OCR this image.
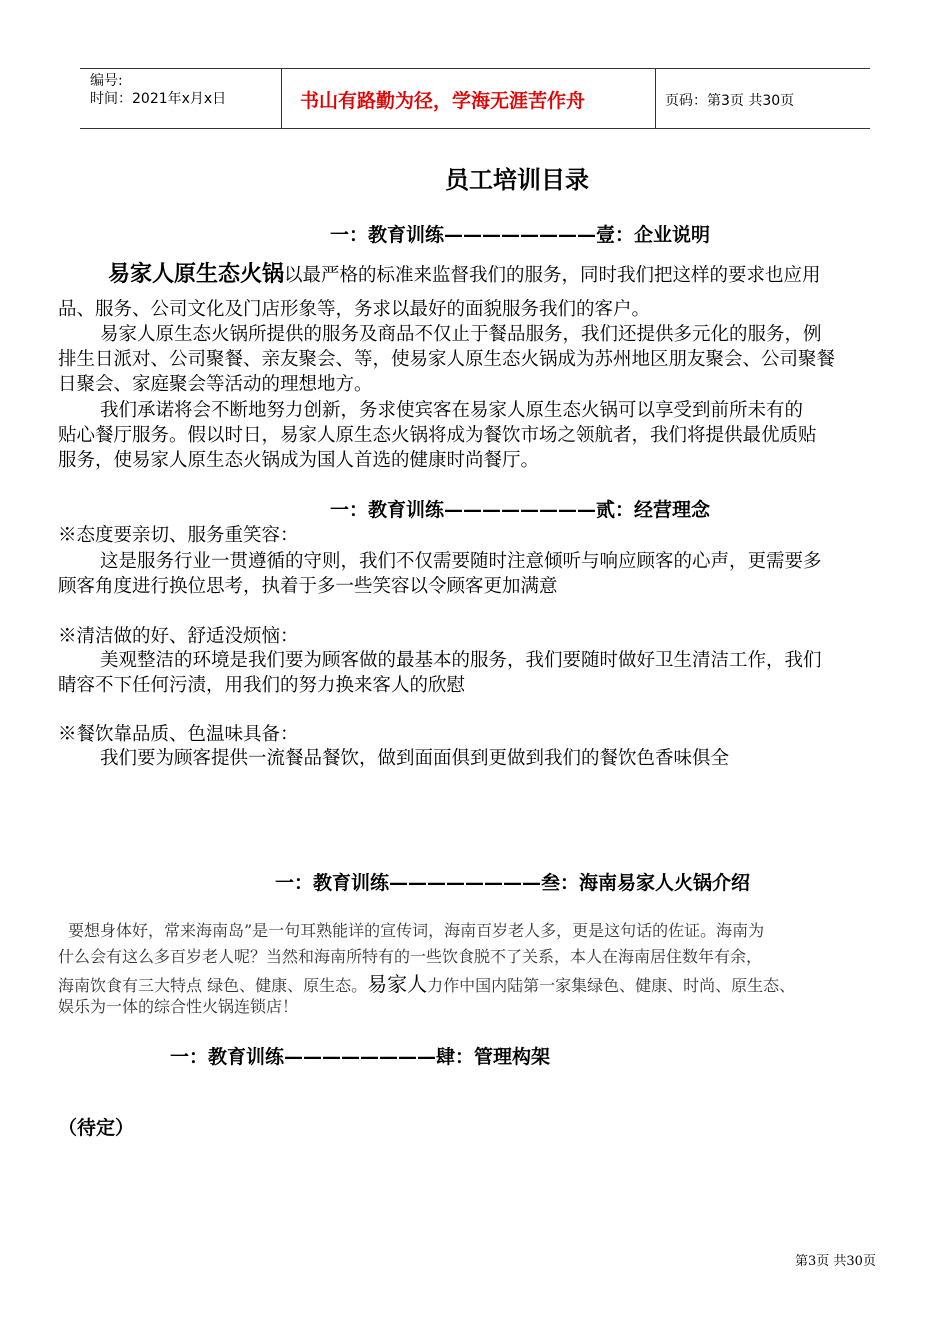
编号:
时间：2021年x月x日	书山有路勤为径，学海无涯苦作舟	页码：第3页 共30页
员工培训目录
一：教育训练————————壹：企业说明
易家人原生态火锅以最严格的标准来监督我们的服务，同时我们把这样的要求也应用
品、服务、公司文化及门店形象等，务求以最好的面貌服务我们的客户。
易家人原生态火锅所提供的服务及商品不仅止于餐品服务，我们还提供多元化的服务，例
排生日派对、公司聚餐、亲友聚会、等，使易家人原生态火锅成为苏州地区朋友聚会、公司聚餐
日聚会、家庭聚会等活动的理想地方。
我们承诺将会不断地努力创新，务求使宾客在易家人原生态火锅可以享受到前所未有的
贴心餐厅服务。假以时日，易家人原生态火锅将成为餐饮市场之领航者，我们将提供最优质贴
服务，使易家人原生态火锅成为国人首选的健康时尚餐厅。
一：教育训练————————贰：经营理念
※态度要亲切、服务重笑容：
这是服务行业一贯遵循的守则，我们不仅需要随时注意倾听与响应顾客的心声，更需要多
顾客角度进行换位思考，执着于多一些笑容以令顾客更加满意
※清洁做的好、舒适没烦恼：
美观整洁的环境是我们要为顾客做的最基本的服务，我们要随时做好卫生清洁工作，我们
睛容不下任何污渍，用我们的努力换来客人的欣慰
※餐饮靠品质、色温味具备：
我们要为顾客提供一流餐品餐饮，做到面面俱到更做到我们的餐饮色香味俱全
一：教育训练————————叁：海南易家人火锅介绍
要想身体好，常来海南岛”是一句耳熟能详的宣传词，海南百岁老人多，更是这句话的佐证。海南为
什么会有这么多百岁老人呢？当然和海南所特有的一些饮食脱不了关系，本人在海南居住数年有余，
海南饮食有三大特点 绿色、健康、原生态。易家人力作中国内陆第一家集绿色、健康、时尚、原生态、
娱乐为一体的综合性火锅连锁店！
一：教育训练————————肆：管理构架
（待定）
第3页 共30页
